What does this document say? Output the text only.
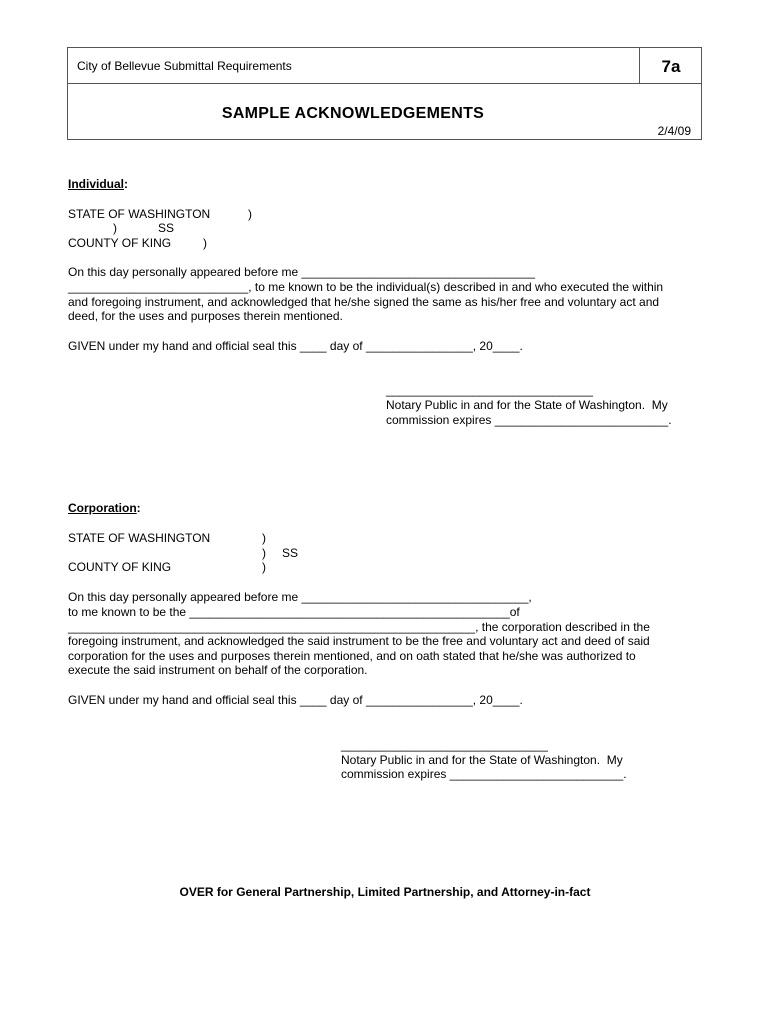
City of Bellevue Submittal Requirements	7a
SAMPLE ACKNOWLEDGEMENTS
2/4/09
Individual:
STATE OF WASHINGTON	)
)	SS
COUNTY OF KING	)
On this day personally appeared before me ___________________________________
___________________________, to me known to be the individual(s) described in and who executed the within
and foregoing instrument, and acknowledged that he/she signed the same as his/her free and voluntary act and
deed, for the uses and purposes therein mentioned.
GIVEN under my hand and official seal this ____ day of ________________, 20____.
_______________________________
Notary Public in and for the State of Washington.  My
commission expires __________________________.
Corporation:
STATE OF WASHINGTON	)
) SS
COUNTY OF KING	)
On this day personally appeared before me __________________________________,
to me known to be the ________________________________________________of
_____________________________________________________________, the corporation described in the
foregoing instrument, and acknowledged the said instrument to be the free and voluntary act and deed of said
corporation for the uses and purposes therein mentioned, and on oath stated that he/she was authorized to
execute the said instrument on behalf of the corporation.
GIVEN under my hand and official seal this ____ day of ________________, 20____.
_______________________________
Notary Public in and for the State of Washington.  My
commission expires __________________________.
OVER for General Partnership, Limited Partnership, and Attorney-in-fact
